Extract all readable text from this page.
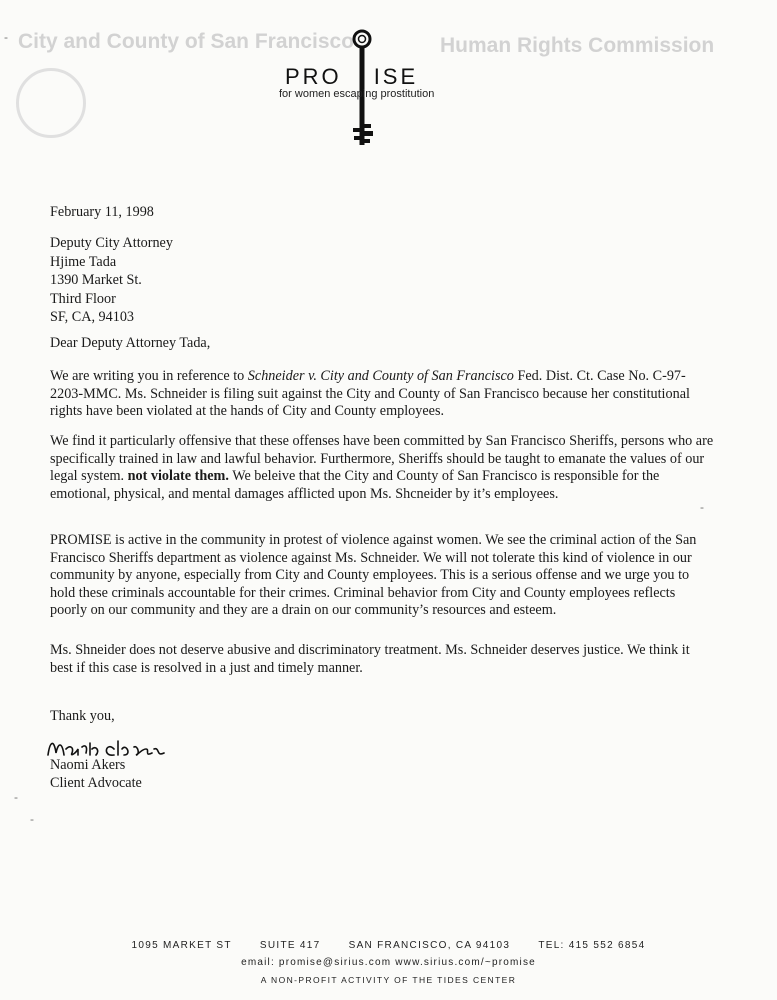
City and County of San Francisco	Human Rights Commission
PRO ISE
for women escaping prostitution
February 11, 1998
Deputy City Attorney
Hjime Tada
1390 Market St.
Third Floor
SF, CA, 94103
Dear Deputy Attorney Tada,
We are writing you in reference to Schneider v. City and County of San Francisco Fed. Dist. Ct. Case No. C-97-2203-MMC. Ms. Schneider is filing suit against the City and County of San Francisco because her constitutional rights have been violated at the hands of City and County employees.
We find it particularly offensive that these offenses have been committed by San Francisco Sheriffs, persons who are specifically trained in law and lawful behavior. Furthermore, Sheriffs should be taught to emanate the values of our legal system. not violate them. We beleive that the City and County of San Francisco is responsible for the emotional, physical, and mental damages afflicted upon Ms. Shcneider by it’s employees.
PROMISE is active in the community in protest of violence against women. We see the criminal action of the San Francisco Sheriffs department as violence against Ms. Schneider. We will not tolerate this kind of violence in our community by anyone, especially from City and County employees. This is a serious offense and we urge you to hold these criminals accountable for their crimes. Criminal behavior from City and County employees reflects poorly on our community and they are a drain on our community’s resources and esteem.
Ms. Shneider does not deserve abusive and discriminatory treatment. Ms. Schneider deserves justice. We think it best if this case is resolved in a just and timely manner.
Thank you,
Naomi Akers
Client Advocate
1095 MARKET ST	SUITE 417	SAN FRANCISCO, CA 94103	TEL: 415 552 6854
email: promise@sirius.com www.sirius.com/~promise
A NON-PROFIT ACTIVITY OF THE TIDES CENTER
-
-
-
-
